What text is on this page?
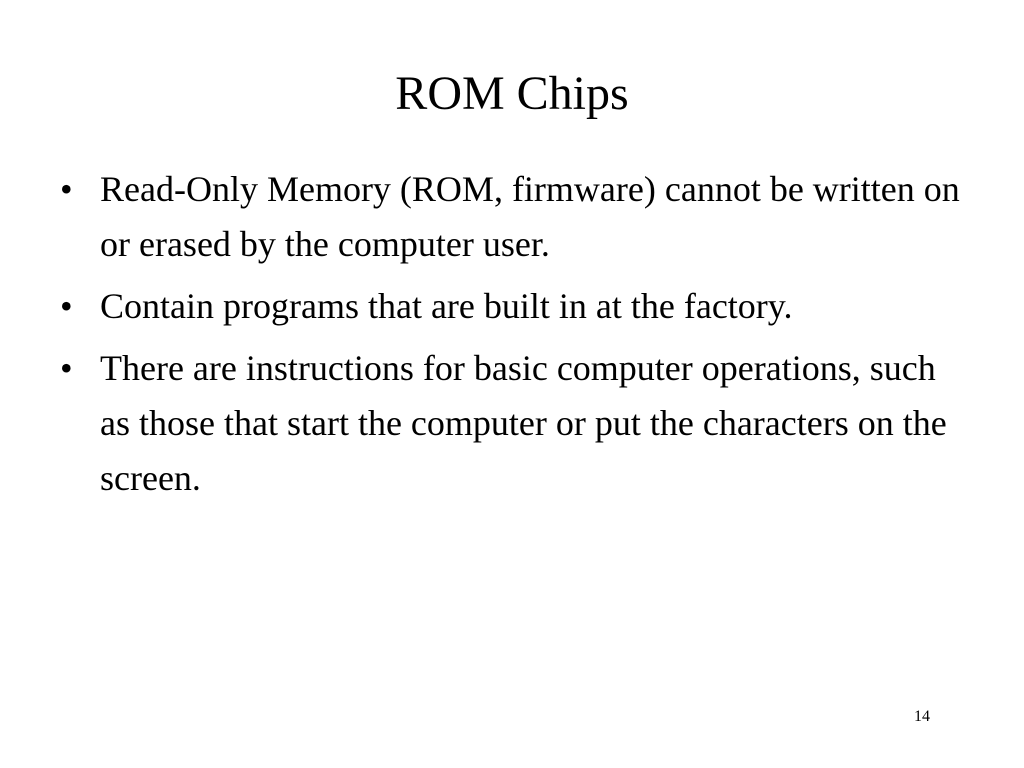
ROM Chips
• Read-Only Memory (ROM, firmware) cannot be written on or erased by the computer user.
• Contain programs that are built in at the factory.
• There are instructions for basic computer operations, such as those that start the computer or put the characters on the screen.
14
